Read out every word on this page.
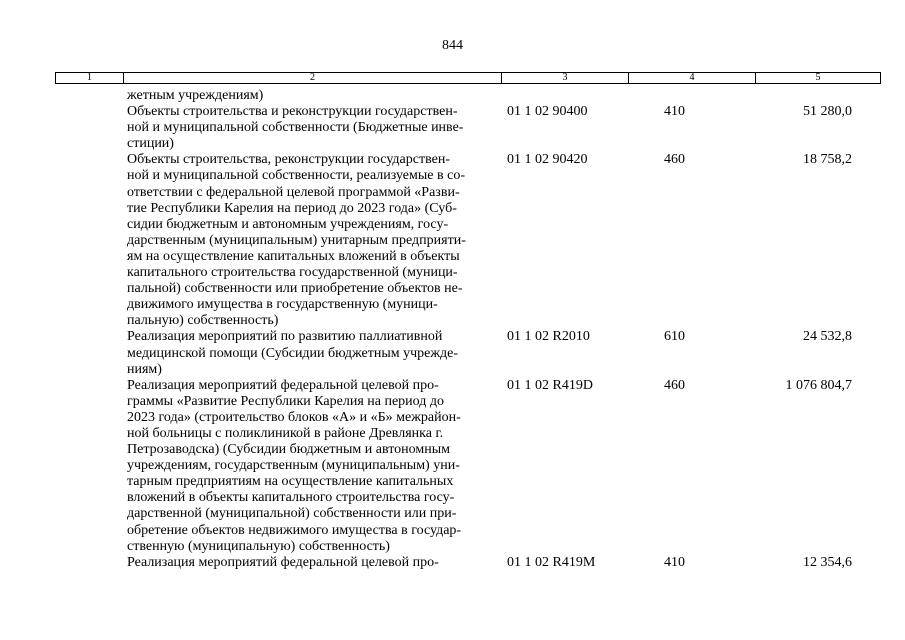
844
1	2	3	4	5
жетным учреждениям)
Объекты строительства и реконструкции государствен-
ной и муниципальной собственности (Бюджетные инве-
стиции)
01 1 02 90400	410	51 280,0
Объекты строительства, реконструкции государствен-
ной и муниципальной собственности, реализуемые в со-
ответствии с федеральной целевой программой «Разви-
тие Республики Карелия на период до 2023 года» (Суб-
сидии бюджетным и автономным учреждениям, госу-
дарственным (муниципальным) унитарным предприяти-
ям на осуществление капитальных вложений в объекты
капитального строительства государственной (муници-
пальной) собственности или приобретение объектов не-
движимого имущества в государственную (муници-
пальную) собственность)
01 1 02 90420	460	18 758,2
Реализация мероприятий по развитию паллиативной
медицинской помощи (Субсидии бюджетным учрежде-
ниям)
01 1 02 R2010	610	24 532,8
Реализация мероприятий федеральной целевой про-
граммы «Развитие Республики Карелия на период до
2023 года» (строительство блоков «А» и «Б» межрайон-
ной больницы с поликлиникой в районе Древлянка г.
Петрозаводска) (Субсидии бюджетным и автономным
учреждениям, государственным (муниципальным) уни-
тарным предприятиям на осуществление капитальных
вложений в объекты капитального строительства госу-
дарственной (муниципальной) собственности или при-
обретение объектов недвижимого имущества в государ-
ственную (муниципальную) собственность)
01 1 02 R419D	460	1 076 804,7
Реализация мероприятий федеральной целевой про-	01 1 02 R419M	410	12 354,6
